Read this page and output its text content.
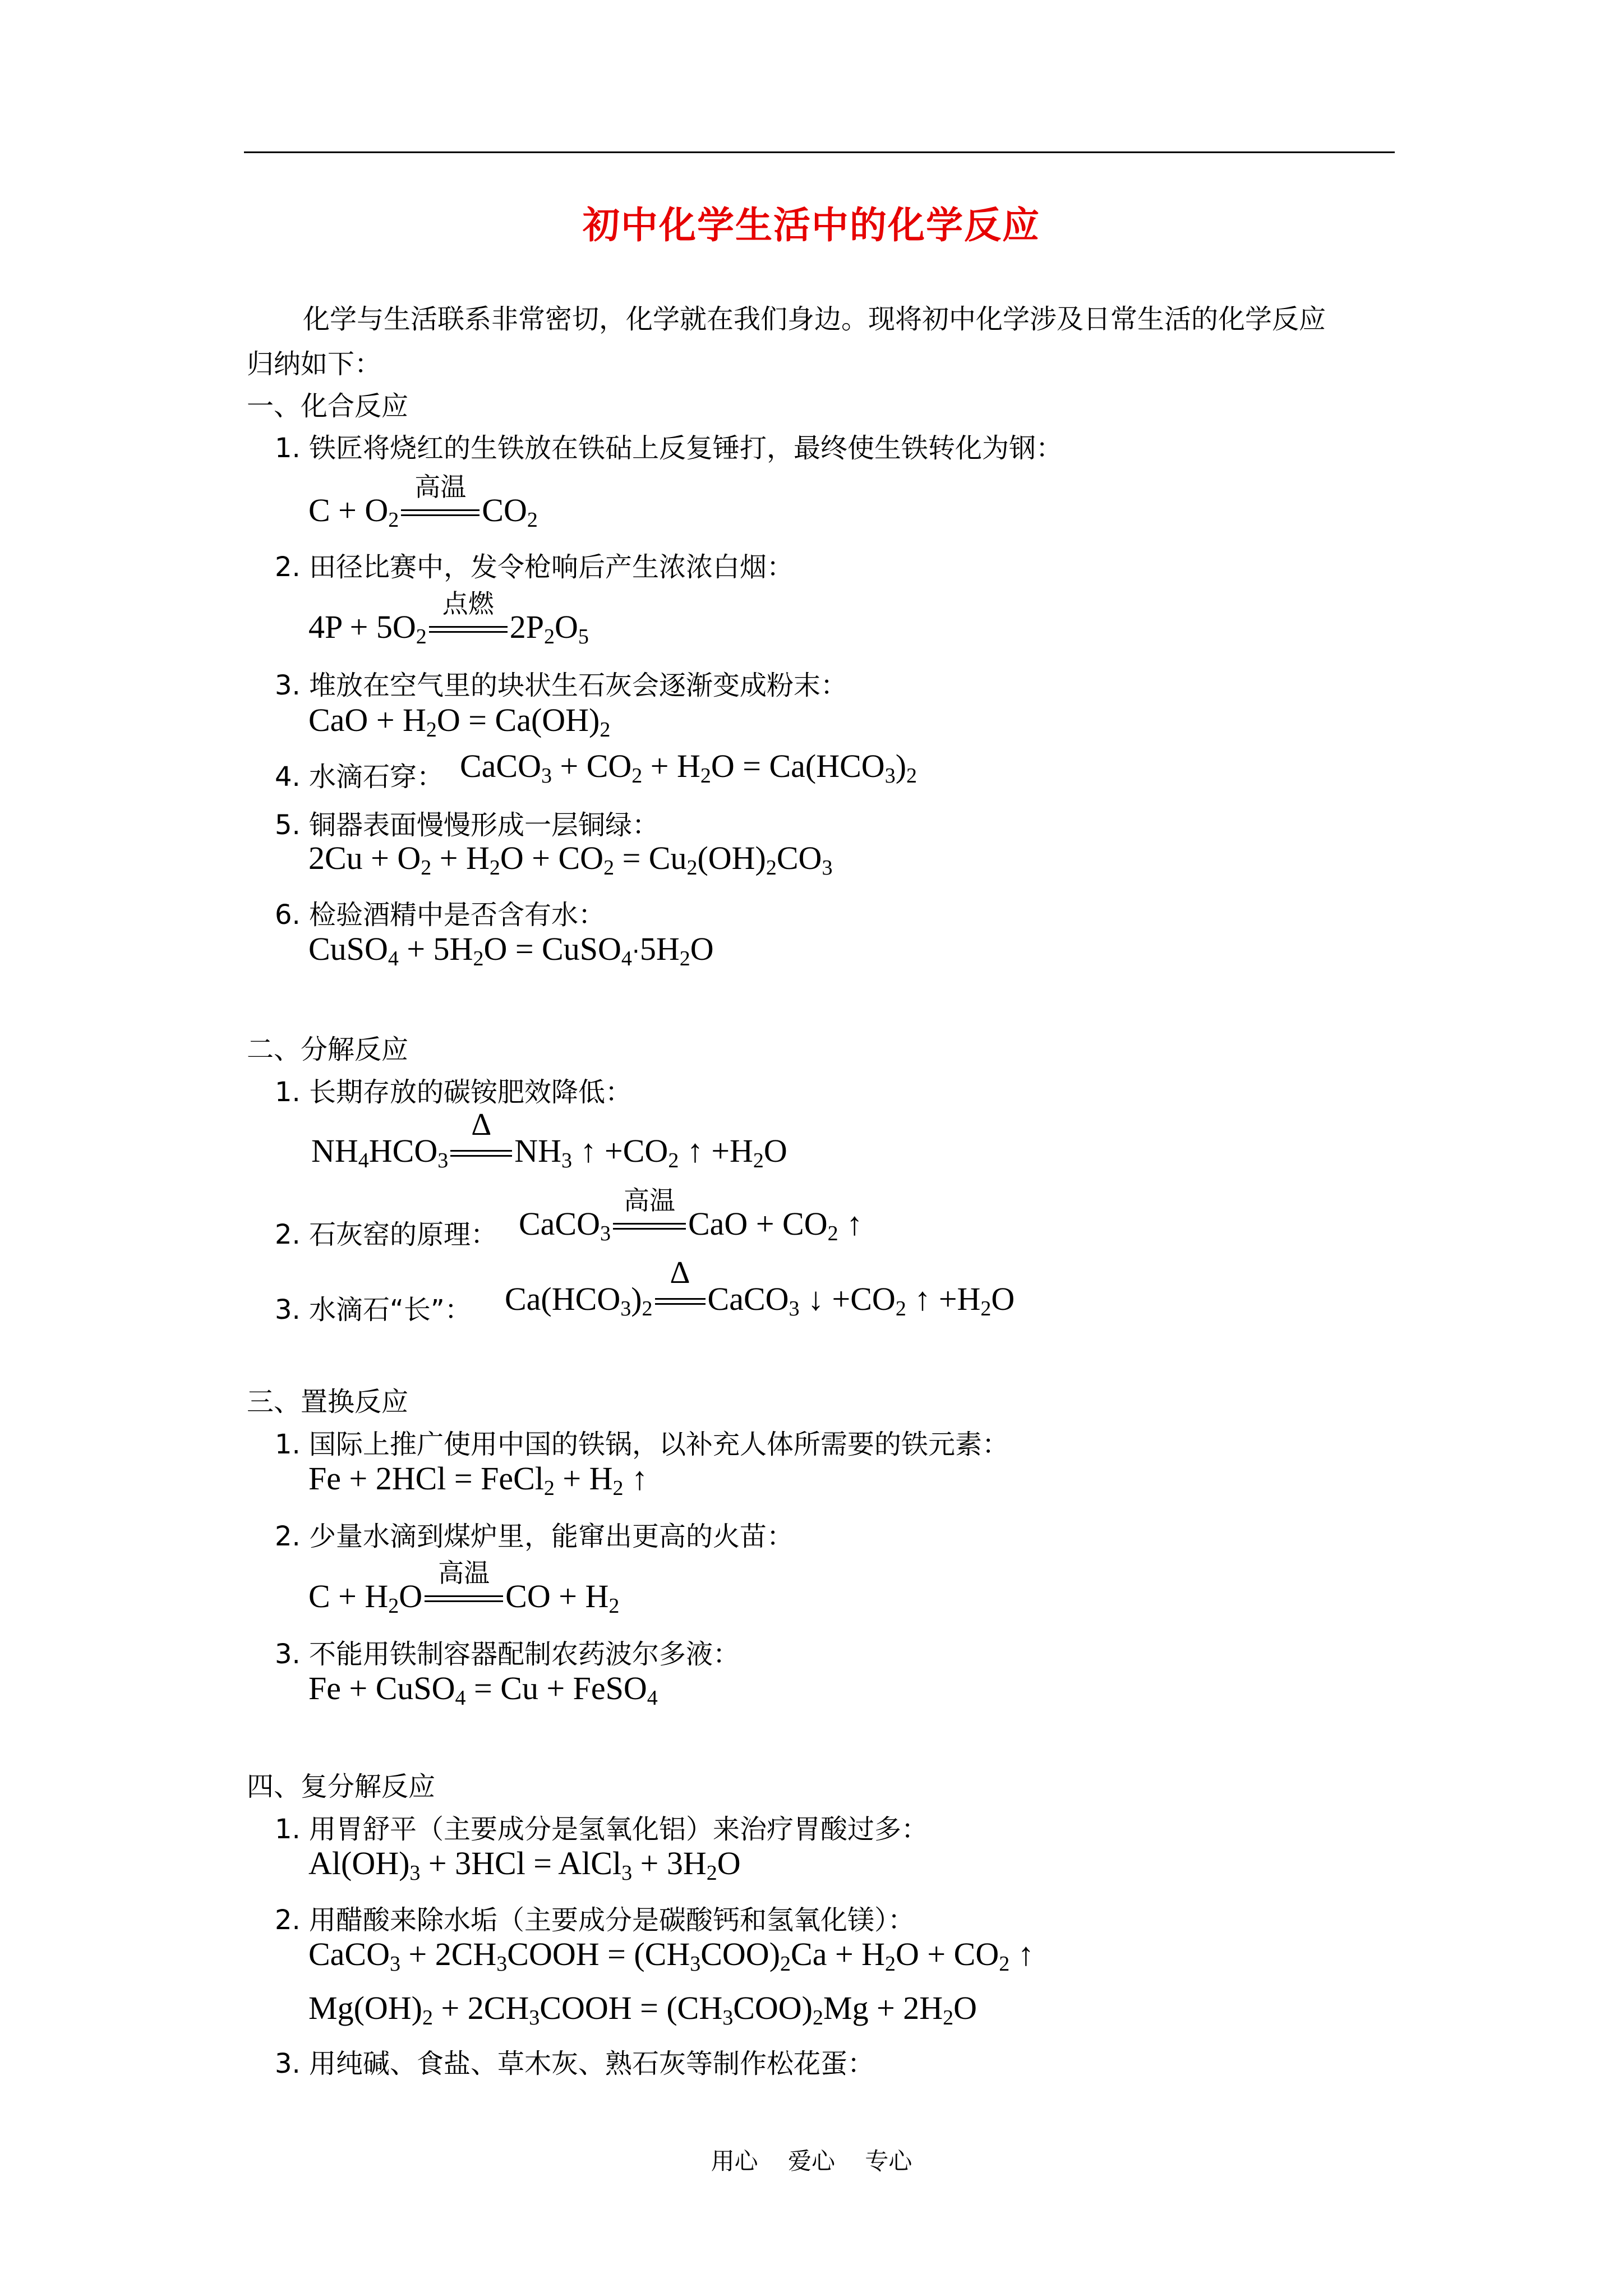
初中化学生活中的化学反应
化学与生活联系非常密切，化学就在我们身边。现将初中化学涉及日常生活的化学反应
归纳如下：
一、化合反应
1. 铁匠将烧红的生铁放在铁砧上反复锤打，最终使生铁转化为钢：
$C + O_2$
高温
$CO_2$
2. 田径比赛中，发令枪响后产生浓浓白烟：
$4P + 5O_2$
点燃
$2P_2O_5$
3. 堆放在空气里的块状生石灰会逐渐变成粉末：
CaO + $H_2O = Ca(OH)_2$
4. 水滴石穿： CaCO$_3$ + $CO_2 + H_2O = Ca(HCO_3)_2$
5. 铜器表面慢慢形成一层铜绿：
$2Cu + O_2 + H_2O + CO_2 = Cu_2(OH)_2CO_3$
6. 检验酒精中是否含有水：
CuSO$_4$ + $5H_2O$ = $CuSO_4\cdot 5H_2O$
二、分解反应
1. 长期存放的碳铵肥效降低：
$NH_4HCO_3$
Δ
$NH_3$ ↑ $+CO_2$ ↑ $+H_2O$
2. 石灰窑的原理： CaCO$_3$
高温
CaO + $CO_2$ ↑
3. 水滴石“长”： $Ca(HCO_3)_2$
Δ
CaCO$_3$ ↓ $+CO_2$ ↑ $+H_2O$
三、置换反应
1. 国际上推广使用中国的铁锅，以补充人体所需要的铁元素：
Fe + 2HCl = FeCl$_2$ + $H_2$ ↑
2. 少量水滴到煤炉里，能窜出更高的火苗：
$C + H_2O$
高温
CO + $H_2$
3. 不能用铁制容器配制农药波尔多液：
Fe + CuSO$_4$ = Cu + FeSO$_4$
四、复分解反应
1. 用胃舒平（主要成分是氢氧化铝）来治疗胃酸过多：
$Al(OH)_3 + 3HCl$ = AlCl$_3$ + $3H_2O$
2. 用醋酸来除水垢（主要成分是碳酸钙和氢氧化镁）：
CaCO$_3$ + $2CH_3COOH = (CH_3COO)_2Ca + H_2O + CO_2$ ↑
$Mg(OH)_2$ + $2CH_3COOH = (CH_3COO)_2Mg + 2H_2O$
3. 用纯碱、食盐、草木灰、熟石灰等制作松花蛋：
用心 爱心 专心
